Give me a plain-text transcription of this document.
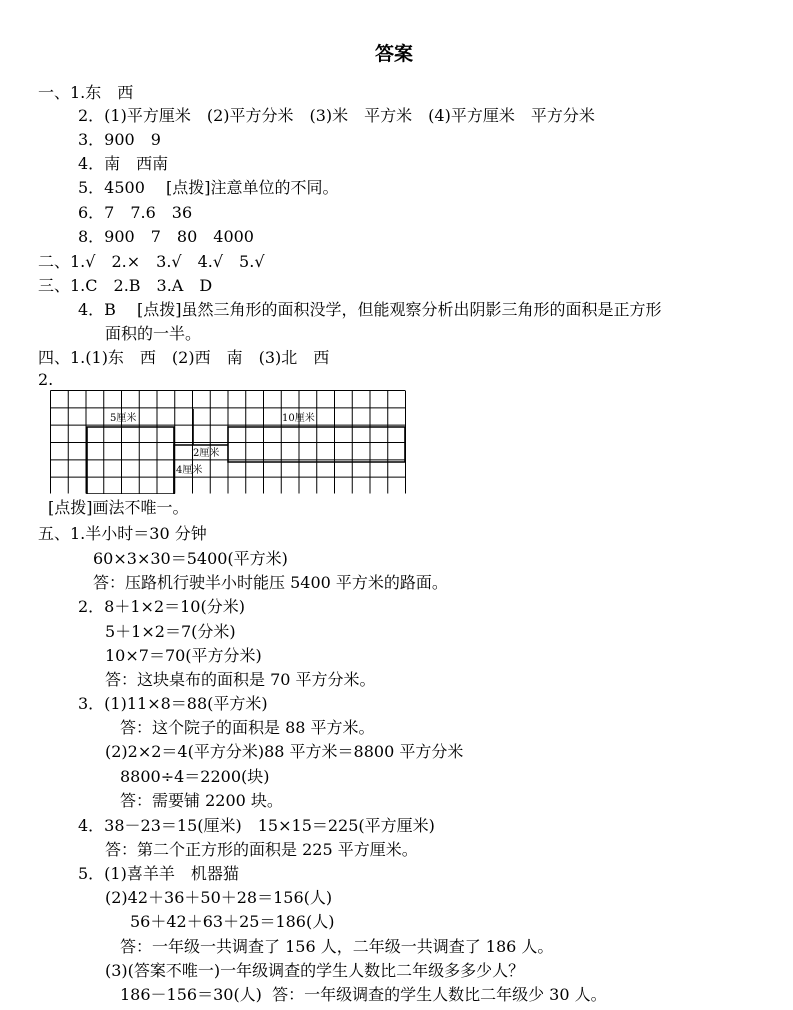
答案
一、1.东　西
2．(1)平方厘米　(2)平方分米　(3)米　平方米　(4)平方厘米　平方分米
3．900　9
4．南　西南
5．4500　 [点拨]注意单位的不同。
6．7　7.6　36
8．900　7　80　4000
二、1.√　2.×　3.√　4.√　5.√
三、1.C　2.B　3.A　D
4．B　 [点拨]虽然三角形的面积没学，但能观察分析出阴影三角形的面积是正方形
面积的一半。
四、1.(1)东　西　(2)西　南　(3)北　西
2.
5厘米	10厘米
2厘米
4厘米
[点拨]画法不唯一。
五、1.半小时＝30 分钟
60×3×30＝5400(平方米)
答：压路机行驶半小时能压 5400 平方米的路面。
2．8＋1×2＝10(分米)
5＋1×2＝7(分米)
10×7＝70(平方分米)
答：这块桌布的面积是 70 平方分米。
3．(1)11×8＝88(平方米)
答：这个院子的面积是 88 平方米。
(2)2×2＝4(平方分米)88 平方米＝8800 平方分米
8800÷4＝2200(块)
答：需要铺 2200 块。
4．38－23＝15(厘米)　15×15＝225(平方厘米)
答：第二个正方形的面积是 225 平方厘米。
5．(1)喜羊羊　机器猫
(2)42＋36＋50＋28＝156(人)
56＋42＋63＋25＝186(人)
答：一年级一共调查了 156 人，二年级一共调查了 186 人。
(3)(答案不唯一)一年级调查的学生人数比二年级多多少人？
186－156＝30(人)  答：一年级调查的学生人数比二年级少 30 人。
